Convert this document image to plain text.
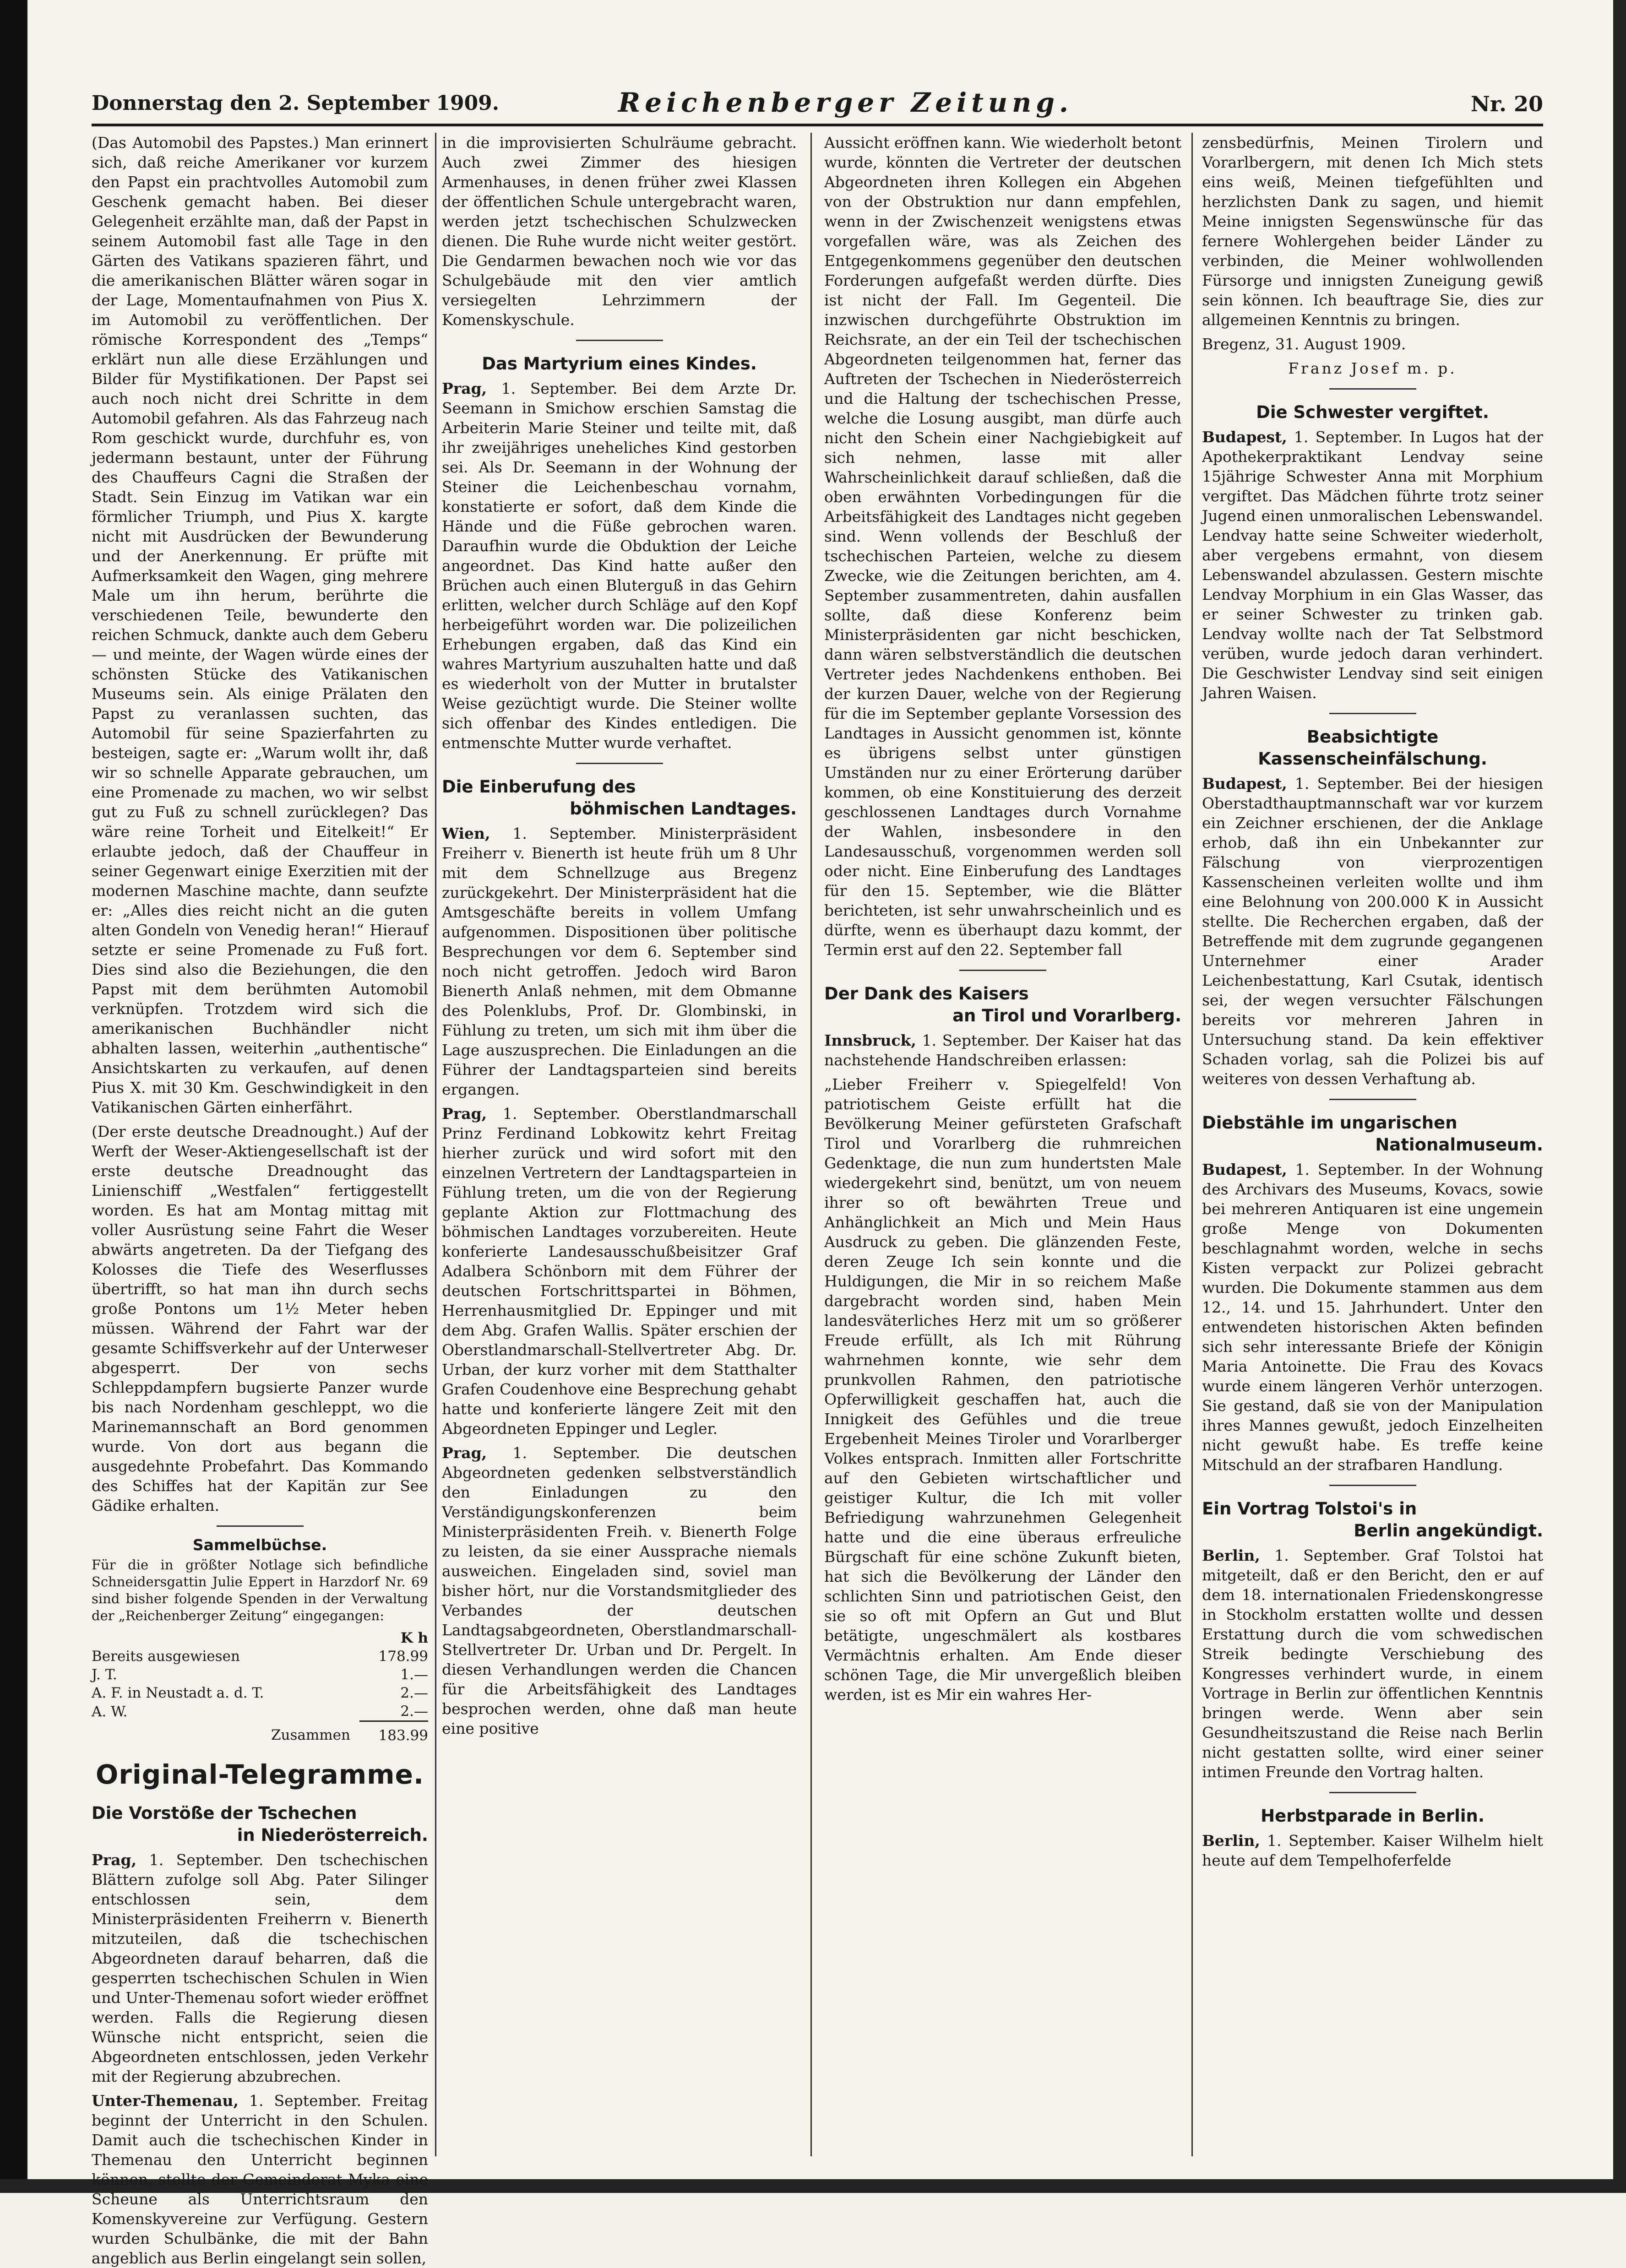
Donnerstag den 2. September 1909.	Reichenberger Zeitung.	Nr. 20

(Das Automobil des Papstes.) Man erinnert sich, daß reiche Amerikaner vor kurzem den Papst ein prachtvolles Automobil zum Geschenk gemacht haben. Bei dieser Gelegenheit erzählte man, daß der Papst in seinem Automobil fast alle Tage in den Gärten des Vatikans spazieren fährt, und die amerikanischen Blätter wären sogar in der Lage, Momentaufnahmen von Pius X. im Automobil zu veröffentlichen. Der römische Korrespondent des „Temps“ erklärt nun alle diese Erzählungen und Bilder für Mystifikationen. Der Papst sei auch noch nicht drei Schritte in dem Automobil gefahren. Als das Fahrzeug nach Rom geschickt wurde, durchfuhr es, von jedermann bestaunt, unter der Führung des Chauffeurs Cagni die Straßen der Stadt. Sein Einzug im Vatikan war ein förmlicher Triumph, und Pius X. kargte nicht mit Ausdrücken der Bewunderung und der Anerkennung. Er prüfte mit Aufmerksamkeit den Wagen, ging mehrere Male um ihn herum, berührte die verschiedenen Teile, bewunderte den reichen Schmuck, dankte auch dem Geberu — und meinte, der Wagen würde eines der schönsten Stücke des Vatikanischen Museums sein. Als einige Prälaten den Papst zu veranlassen suchten, das Automobil für seine Spazierfahrten zu besteigen, sagte er: „Warum wollt ihr, daß wir so schnelle Apparate gebrauchen, um eine Promenade zu machen, wo wir selbst gut zu Fuß zu schnell zurücklegen? Das wäre reine Torheit und Eitelkeit!“ Er erlaubte jedoch, daß der Chauffeur in seiner Gegenwart einige Exerzitien mit der modernen Maschine machte, dann seufzte er: „Alles dies reicht nicht an die guten alten Gondeln von Venedig heran!“ Hierauf setzte er seine Promenade zu Fuß fort. Dies sind also die Beziehungen, die den Papst mit dem berühmten Automobil verknüpfen. Trotzdem wird sich die amerikanischen Buchhändler nicht abhalten lassen, weiterhin „authentische“ Ansichtskarten zu verkaufen, auf denen Pius X. mit 30 Km. Geschwindigkeit in den Vatikanischen Gärten einherfährt.

(Der erste deutsche Dreadnought.) Auf der Werft der Weser-Aktiengesellschaft ist der erste deutsche Dreadnought das Linienschiff „Westfalen“ fertiggestellt worden. Es hat am Montag mittag mit voller Ausrüstung seine Fahrt die Weser abwärts angetreten. Da der Tiefgang des Kolosses die Tiefe des Weserflusses übertrifft, so hat man ihn durch sechs große Pontons um 1½ Meter heben müssen. Während der Fahrt war der gesamte Schiffsverkehr auf der Unterweser abgesperrt. Der von sechs Schleppdampfern bugsierte Panzer wurde bis nach Nordenham geschleppt, wo die Marinemannschaft an Bord genommen wurde. Von dort aus begann die ausgedehnte Probefahrt. Das Kommando des Schiffes hat der Kapitän zur See Gädike erhalten.

Sammelbüchse.

Für die in größter Notlage sich befindliche Schneidersgattin Julie Eppert in Harzdorf Nr. 69 sind bisher folgende Spenden in der Verwaltung der „Reichenberger Zeitung“ eingegangen:

	K h
Bereits ausgewiesen	178.99
J. T.	1.—
A. F. in Neustadt a. d. T.	2.—
A. W.	2.—
Zusammen	183.99
Original-Telegramme.
Die Vorstöße der Tschechen
in Niederösterreich.

Prag, 1. September. Den tschechischen Blättern zufolge soll Abg. Pater Silinger entschlossen sein, dem Ministerpräsidenten Freiherrn v. Bienerth mitzuteilen, daß die tschechischen Abgeordneten darauf beharren, daß die gesperrten tschechischen Schulen in Wien und Unter-Themenau sofort wieder eröffnet werden. Falls die Regierung diesen Wünsche nicht entspricht, seien die Abgeordneten entschlossen, jeden Verkehr mit der Regierung abzubrechen.

Unter-Themenau, 1. September. Freitag beginnt der Unterricht in den Schulen. Damit auch die tschechischen Kinder in Themenau den Unterricht beginnen können, stellte der Gemeinderat Myka eine Scheune als Unterrichtsraum den Komenskyvereine zur Verfügung. Gestern wurden Schulbänke, die mit der Bahn angeblich aus Berlin eingelangt sein sollen,

in die improvisierten Schulräume gebracht. Auch zwei Zimmer des hiesigen Armenhauses, in denen früher zwei Klassen der öffentlichen Schule untergebracht waren, werden jetzt tschechischen Schulzwecken dienen. Die Ruhe wurde nicht weiter gestört. Die Gendarmen bewachen noch wie vor das Schulgebäude mit den vier amtlich versiegelten Lehrzimmern der Komenskyschule.

Das Martyrium eines Kindes.

Prag, 1. September. Bei dem Arzte Dr. Seemann in Smichow erschien Samstag die Arbeiterin Marie Steiner und teilte mit, daß ihr zweijähriges uneheliches Kind gestorben sei. Als Dr. Seemann in der Wohnung der Steiner die Leichenbeschau vornahm, konstatierte er sofort, daß dem Kinde die Hände und die Füße gebrochen waren. Daraufhin wurde die Obduktion der Leiche angeordnet. Das Kind hatte außer den Brüchen auch einen Bluterguß in das Gehirn erlitten, welcher durch Schläge auf den Kopf herbeigeführt worden war. Die polizeilichen Erhebungen ergaben, daß das Kind ein wahres Martyrium auszuhalten hatte und daß es wiederholt von der Mutter in brutalster Weise gezüchtigt wurde. Die Steiner wollte sich offenbar des Kindes entledigen. Die entmenschte Mutter wurde verhaftet.

Die Einberufung des
böhmischen Landtages.

Wien, 1. September. Ministerpräsident Freiherr v. Bienerth ist heute früh um 8 Uhr mit dem Schnellzuge aus Bregenz zurückgekehrt. Der Ministerpräsident hat die Amtsgeschäfte bereits in vollem Umfang aufgenommen. Dispositionen über politische Besprechungen vor dem 6. September sind noch nicht getroffen. Jedoch wird Baron Bienerth Anlaß nehmen, mit dem Obmanne des Polenklubs, Prof. Dr. Glombinski, in Fühlung zu treten, um sich mit ihm über die Lage auszusprechen. Die Einladungen an die Führer der Landtagsparteien sind bereits ergangen.

Prag, 1. September. Oberstlandmarschall Prinz Ferdinand Lobkowitz kehrt Freitag hierher zurück und wird sofort mit den einzelnen Vertretern der Landtagsparteien in Fühlung treten, um die von der Regierung geplante Aktion zur Flottmachung des böhmischen Landtages vorzubereiten. Heute konferierte Landesausschußbeisitzer Graf Adalbera Schönborn mit dem Führer der deutschen Fortschrittspartei in Böhmen, Herrenhausmitglied Dr. Eppinger und mit dem Abg. Grafen Wallis. Später erschien der Oberstlandmarschall-Stellvertreter Abg. Dr. Urban, der kurz vorher mit dem Statthalter Grafen Coudenhove eine Besprechung gehabt hatte und konferierte längere Zeit mit den Abgeordneten Eppinger und Legler.

Prag, 1. September. Die deutschen Abgeordneten gedenken selbstverständlich den Einladungen zu den Verständigungskonferenzen beim Ministerpräsidenten Freih. v. Bienerth Folge zu leisten, da sie einer Aussprache niemals ausweichen. Eingeladen sind, soviel man bisher hört, nur die Vorstandsmitglieder des Verbandes der deutschen Landtagsabgeordneten, Oberstlandmarschall-Stellvertreter Dr. Urban und Dr. Pergelt. In diesen Verhandlungen werden die Chancen für die Arbeitsfähigkeit des Landtages besprochen werden, ohne daß man heute eine positive

Aussicht eröffnen kann. Wie wiederholt betont wurde, könnten die Vertreter der deutschen Abgeordneten ihren Kollegen ein Abgehen von der Obstruktion nur dann empfehlen, wenn in der Zwischenzeit wenigstens etwas vorgefallen wäre, was als Zeichen des Entgegenkommens gegenüber den deutschen Forderungen aufgefaßt werden dürfte. Dies ist nicht der Fall. Im Gegenteil. Die inzwischen durchgeführte Obstruktion im Reichsrate, an der ein Teil der tschechischen Abgeordneten teilgenommen hat, ferner das Auftreten der Tschechen in Niederösterreich und die Haltung der tschechischen Presse, welche die Losung ausgibt, man dürfe auch nicht den Schein einer Nachgiebigkeit auf sich nehmen, lasse mit aller Wahrscheinlichkeit darauf schließen, daß die oben erwähnten Vorbedingungen für die Arbeitsfähigkeit des Landtages nicht gegeben sind. Wenn vollends der Beschluß der tschechischen Parteien, welche zu diesem Zwecke, wie die Zeitungen berichten, am 4. September zusammentreten, dahin ausfallen sollte, daß diese Konferenz beim Ministerpräsidenten gar nicht beschicken, dann wären selbstverständlich die deutschen Vertreter jedes Nachdenkens enthoben. Bei der kurzen Dauer, welche von der Regierung für die im September geplante Vorsession des Landtages in Aussicht genommen ist, könnte es übrigens selbst unter günstigen Umständen nur zu einer Erörterung darüber kommen, ob eine Konstituierung des derzeit geschlossenen Landtages durch Vornahme der Wahlen, insbesondere in den Landesausschuß, vorgenommen werden soll oder nicht. Eine Einberufung des Landtages für den 15. September, wie die Blätter berichteten, ist sehr unwahrscheinlich und es dürfte, wenn es überhaupt dazu kommt, der Termin erst auf den 22. September fall

Der Dank des Kaisers
an Tirol und Vorarlberg.

Innsbruck, 1. September. Der Kaiser hat das nachstehende Handschreiben erlassen:

„Lieber Freiherr v. Spiegelfeld! Von patriotischem Geiste erfüllt hat die Bevölkerung Meiner gefürsteten Grafschaft Tirol und Vorarlberg die ruhmreichen Gedenktage, die nun zum hundertsten Male wiedergekehrt sind, benützt, um von neuem ihrer so oft bewährten Treue und Anhänglichkeit an Mich und Mein Haus Ausdruck zu geben. Die glänzenden Feste, deren Zeuge Ich sein konnte und die Huldigungen, die Mir in so reichem Maße dargebracht worden sind, haben Mein landesväterliches Herz mit um so größerer Freude erfüllt, als Ich mit Rührung wahrnehmen konnte, wie sehr dem prunkvollen Rahmen, den patriotische Opferwilligkeit geschaffen hat, auch die Innigkeit des Gefühles und die treue Ergebenheit Meines Tiroler und Vorarlberger Volkes entsprach. Inmitten aller Fortschritte auf den Gebieten wirtschaftlicher und geistiger Kultur, die Ich mit voller Befriedigung wahrzunehmen Gelegenheit hatte und die eine überaus erfreuliche Bürgschaft für eine schöne Zukunft bieten, hat sich die Bevölkerung der Länder den schlichten Sinn und patriotischen Geist, den sie so oft mit Opfern an Gut und Blut betätigte, ungeschmälert als kostbares Vermächtnis erhalten. Am Ende dieser schönen Tage, die Mir unvergeßlich bleiben werden, ist es Mir ein wahres Her-

zensbedürfnis, Meinen Tirolern und Vorarlbergern, mit denen Ich Mich stets eins weiß, Meinen tiefgefühlten und herzlichsten Dank zu sagen, und hiemit Meine innigsten Segenswünsche für das fernere Wohlergehen beider Länder zu verbinden, die Meiner wohlwollenden Fürsorge und innigsten Zuneigung gewiß sein können. Ich beauftrage Sie, dies zur allgemeinen Kenntnis zu bringen.

Bregenz, 31. August 1909.

Franz Josef m. p.

Die Schwester vergiftet.

Budapest, 1. September. In Lugos hat der Apothekerpraktikant Lendvay seine 15jährige Schwester Anna mit Morphium vergiftet. Das Mädchen führte trotz seiner Jugend einen unmoralischen Lebenswandel. Lendvay hatte seine Schweiter wiederholt, aber vergebens ermahnt, von diesem Lebenswandel abzulassen. Gestern mischte Lendvay Morphium in ein Glas Wasser, das er seiner Schwester zu trinken gab. Lendvay wollte nach der Tat Selbstmord verüben, wurde jedoch daran verhindert. Die Geschwister Lendvay sind seit einigen Jahren Waisen.

Beabsichtigte Kassenscheinfälschung.

Budapest, 1. September. Bei der hiesigen Oberstadthauptmannschaft war vor kurzem ein Zeichner erschienen, der die Anklage erhob, daß ihn ein Unbekannter zur Fälschung von vierprozentigen Kassenscheinen verleiten wollte und ihm eine Belohnung von 200.000 K in Aussicht stellte. Die Recherchen ergaben, daß der Betreffende mit dem zugrunde gegangenen Unternehmer einer Arader Leichenbestattung, Karl Csutak, identisch sei, der wegen versuchter Fälschungen bereits vor mehreren Jahren in Untersuchung stand. Da kein effektiver Schaden vorlag, sah die Polizei bis auf weiteres von dessen Verhaftung ab.

Diebstähle im ungarischen
Nationalmuseum.

Budapest, 1. September. In der Wohnung des Archivars des Museums, Kovacs, sowie bei mehreren Antiquaren ist eine ungemein große Menge von Dokumenten beschlagnahmt worden, welche in sechs Kisten verpackt zur Polizei gebracht wurden. Die Dokumente stammen aus dem 12., 14. und 15. Jahrhundert. Unter den entwendeten historischen Akten befinden sich sehr interessante Briefe der Königin Maria Antoinette. Die Frau des Kovacs wurde einem längeren Verhör unterzogen. Sie gestand, daß sie von der Manipulation ihres Mannes gewußt, jedoch Einzelheiten nicht gewußt habe. Es treffe keine Mitschuld an der strafbaren Handlung.

Ein Vortrag Tolstoi's in
Berlin angekündigt.

Berlin, 1. September. Graf Tolstoi hat mitgeteilt, daß er den Bericht, den er auf dem 18. internationalen Friedenskongresse in Stockholm erstatten wollte und dessen Erstattung durch die vom schwedischen Streik bedingte Verschiebung des Kongresses verhindert wurde, in einem Vortrage in Berlin zur öffentlichen Kenntnis bringen werde. Wenn aber sein Gesundheitszustand die Reise nach Berlin nicht gestatten sollte, wird einer seiner intimen Freunde den Vortrag halten.

Herbstparade in Berlin.

Berlin, 1. September. Kaiser Wilhelm hielt heute auf dem Tempelhoferfelde
